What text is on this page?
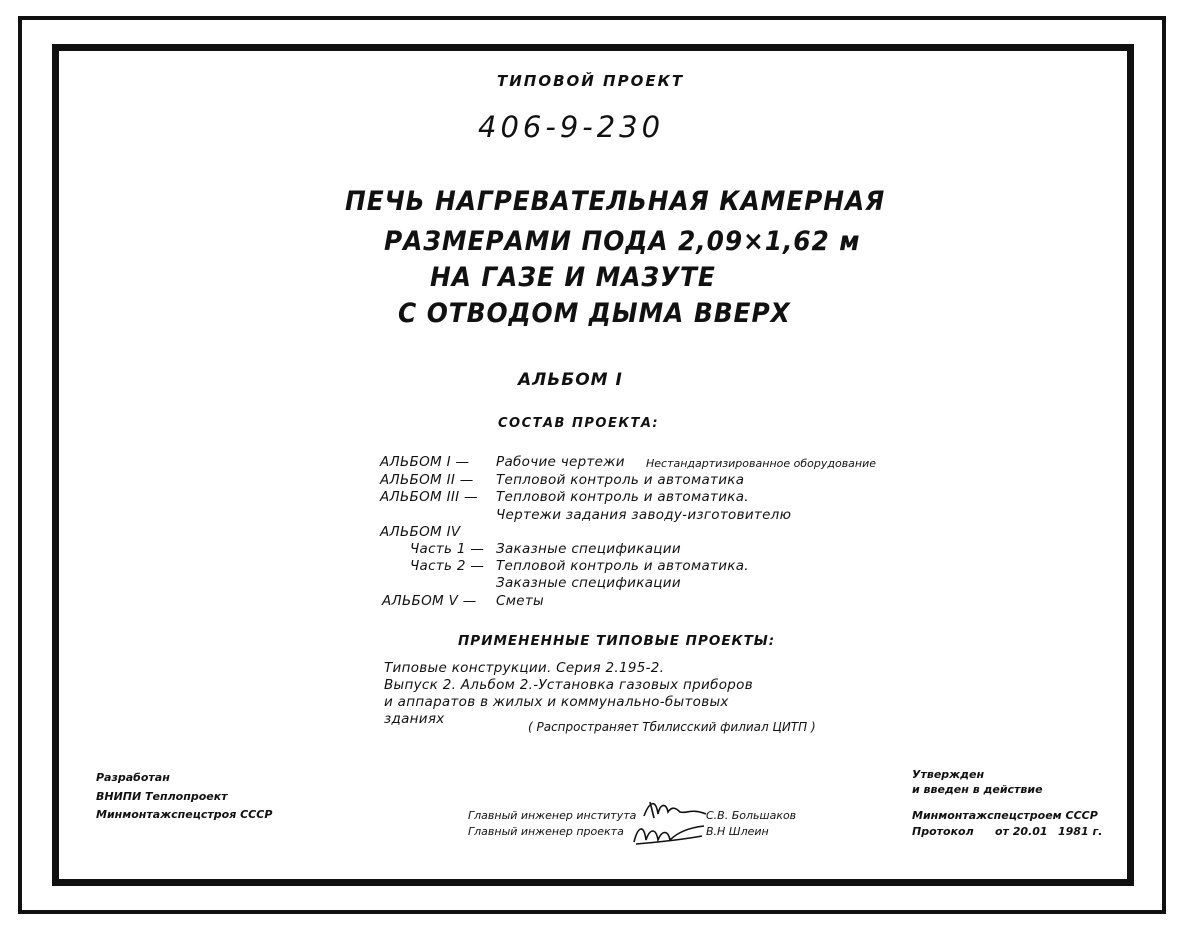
ТИПОВОЙ ПРОЕКТ
406-9-230
ПЕЧЬ НАГРЕВАТЕЛЬНАЯ КАМЕРНАЯ
РАЗМЕРАМИ ПОДА 2,09×1,62 м
НА ГАЗЕ И МАЗУТЕ
С ОТВОДОМ ДЫМА ВВЕРХ
АЛЬБОМ I
СОСТАВ ПРОЕКТА:
АЛЬБОМ I — Рабочие чертежи Нестандартизированное оборудование
АЛЬБОМ II — Тепловой контроль и автоматика
АЛЬБОМ III — Тепловой контроль и автоматика.
Чертежи задания заводу-изготовителю
АЛЬБОМ IV
Часть 1 — Заказные спецификации
Часть 2 — Тепловой контроль и автоматика.
Заказные спецификации
АЛЬБОМ V — Сметы
ПРИМЕНЕННЫЕ ТИПОВЫЕ ПРОЕКТЫ:
Типовые конструкции. Серия 2.195-2.
Выпуск 2. Альбом 2.-Установка газовых приборов
и аппаратов в жилых и коммунально-бытовых
зданиях	( Распространяет Тбилисский филиал ЦИТП )
Разработан
ВНИПИ Теплопроект
Минмонтажспецстроя СССР	Главный инженер института	С.В. Большаков
Главный инженер проекта	В.Н Шлеин
Утвержден
и введен в действие
Минмонтажспецстроем СССР
Протокол от 20.01 1981 г.
